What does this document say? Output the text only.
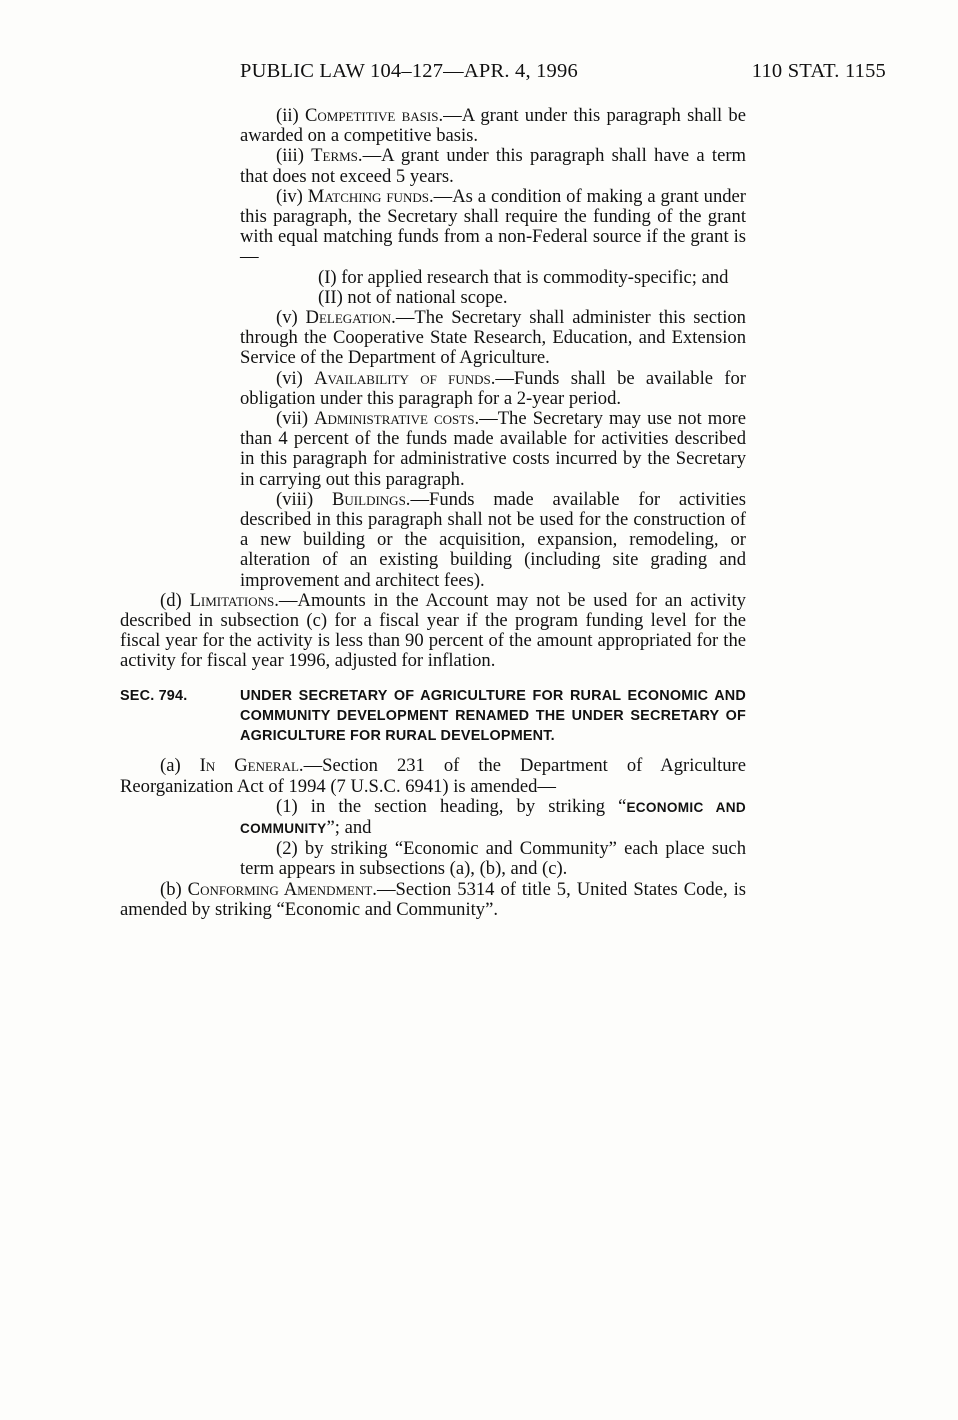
PUBLIC LAW 104–127—APR. 4, 1996	110 STAT. 1155

(ii) Competitive basis.—A grant under this paragraph shall be awarded on a competitive basis.

(iii) Terms.—A grant under this paragraph shall have a term that does not exceed 5 years.

(iv) Matching funds.—As a condition of making a grant under this paragraph, the Secretary shall require the funding of the grant with equal matching funds from a non-Federal source if the grant is—

(I) for applied research that is commodity-specific; and

(II) not of national scope.

(v) Delegation.—The Secretary shall administer this section through the Cooperative State Research, Education, and Extension Service of the Department of Agriculture.

(vi) Availability of funds.—Funds shall be available for obligation under this paragraph for a 2-year period.

(vii) Administrative costs.—The Secretary may use not more than 4 percent of the funds made available for activities described in this paragraph for administrative costs incurred by the Secretary in carrying out this paragraph.

(viii) Buildings.—Funds made available for activities described in this paragraph shall not be used for the construction of a new building or the acquisition, expansion, remodeling, or alteration of an existing building (including site grading and improvement and architect fees).

(d) Limitations.—Amounts in the Account may not be used for an activity described in subsection (c) for a fiscal year if the program funding level for the fiscal year for the activity is less than 90 percent of the amount appropriated for the activity for fiscal year 1996, adjusted for inflation.

SEC. 794.	UNDER SECRETARY OF AGRICULTURE FOR RURAL ECONOMIC AND COMMUNITY DEVELOPMENT RENAMED THE UNDER SECRETARY OF AGRICULTURE FOR RURAL DEVELOPMENT.

(a) In General.—Section 231 of the Department of Agriculture Reorganization Act of 1994 (7 U.S.C. 6941) is amended—

(1) in the section heading, by striking “ECONOMIC AND COMMUNITY”; and

(2) by striking “Economic and Community” each place such term appears in subsections (a), (b), and (c).

(b) Conforming Amendment.—Section 5314 of title 5, United States Code, is amended by striking “Economic and Community”.
